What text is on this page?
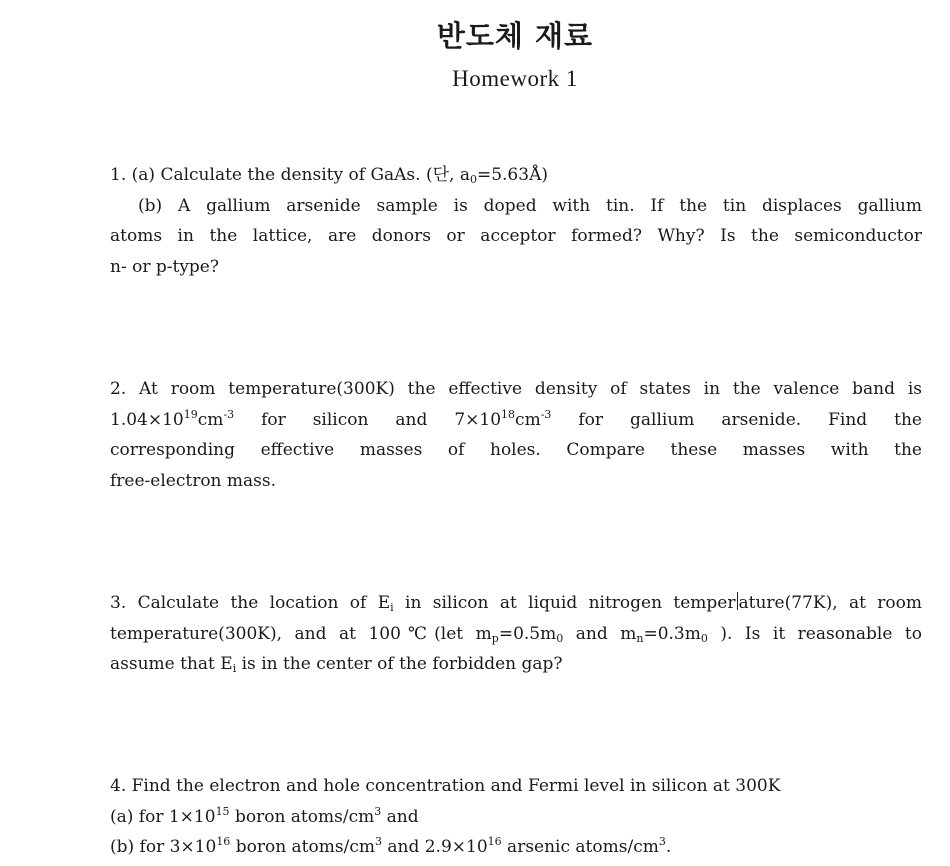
반도체 재료
Homework 1
1. (a) Calculate the density of GaAs. (단, $a_0=5.63Å$)
(b) A gallium arsenide sample is doped with tin. If the tin displaces gallium
atoms in the lattice, are donors or acceptor formed? Why? Is the semiconductor
n- or p-type?
2. At room temperature(300K) the effective density of states in the valence band is
$1.04\times 10^{19}cm^{-3}$ for silicon and $7\times 10^{18}cm^{-3}$ for gallium arsenide. Find the
corresponding effective masses of holes. Compare these masses with the
free-electron mass.
3. Calculate the location of $E_i$ in silicon at liquid nitrogen temper ature(77K), at room
temperature(300K), and at 100℃(let $m_p=0.5m_0$ and $m_n=0.3m_0$ ). Is it reasonable to
assume that $E_i$ is in the center of the forbidden gap?
4. Find the electron and hole concentration and Fermi level in silicon at 300K
(a) for $1\times 10^{15}$ boron atoms/$cm^3$ and
(b) for $3\times 10^{16}$ boron atoms/$cm^3$ and $2.9\times 10^{16}$ arsenic atoms/$cm^3$.
